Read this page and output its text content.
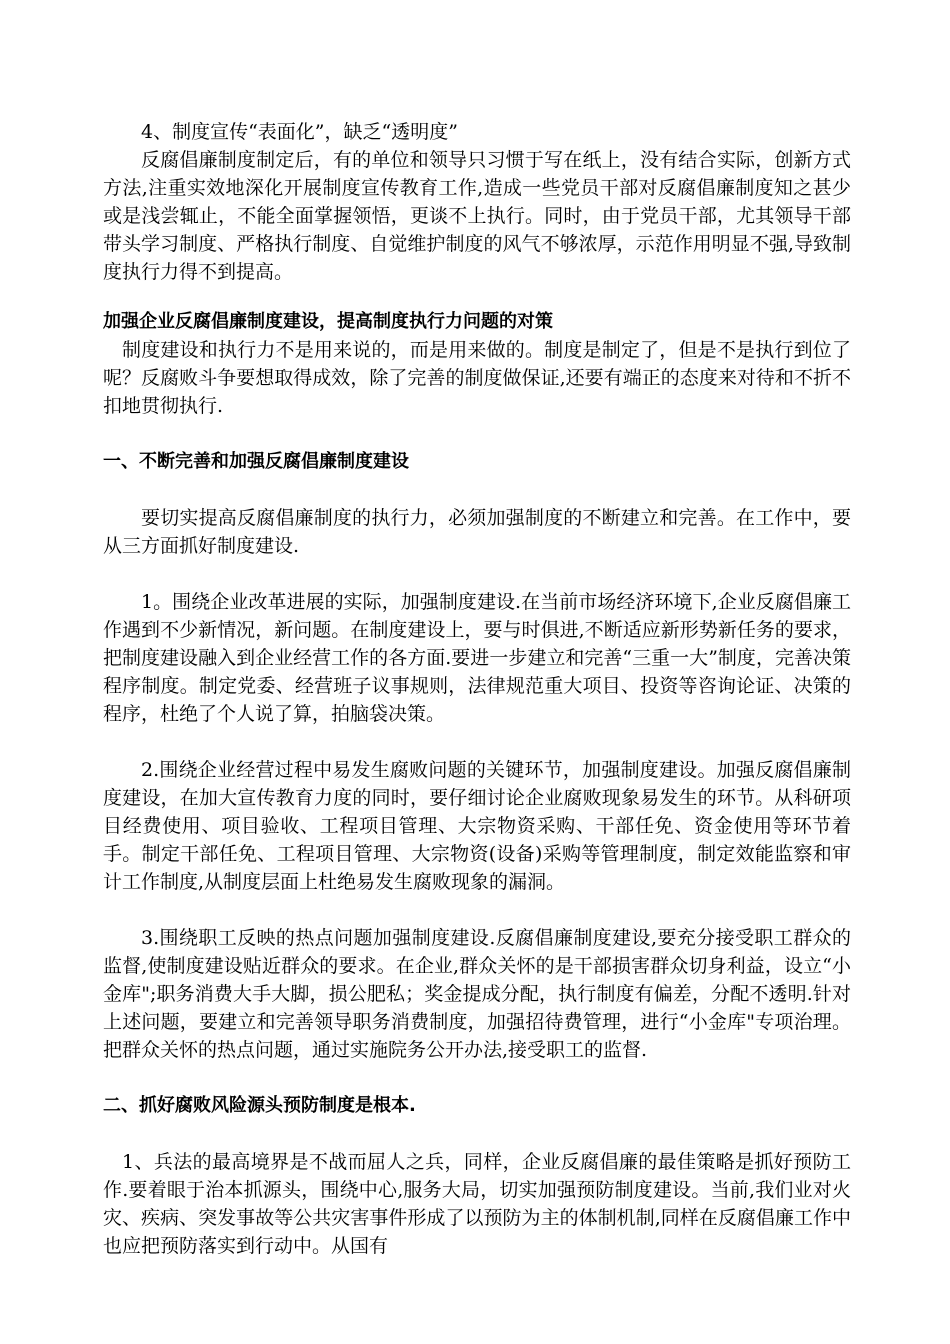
4、制度宣传“表面化”，缺乏“透明度”

反腐倡廉制度制定后，有的单位和领导只习惯于写在纸上，没有结合实际，创新方式方法,注重实效地深化开展制度宣传教育工作,造成一些党员干部对反腐倡廉制度知之甚少或是浅尝辄止，不能全面掌握领悟，更谈不上执行。同时，由于党员干部，尤其领导干部带头学习制度、严格执行制度、自觉维护制度的风气不够浓厚，示范作用明显不强,导致制度执行力得不到提高。

加强企业反腐倡廉制度建设，提高制度执行力问题的对策

制度建设和执行力不是用来说的，而是用来做的。制度是制定了，但是不是执行到位了呢？反腐败斗争要想取得成效，除了完善的制度做保证,还要有端正的态度来对待和不折不扣地贯彻执行.

一、不断完善和加强反腐倡廉制度建设

要切实提高反腐倡廉制度的执行力，必须加强制度的不断建立和完善。在工作中，要从三方面抓好制度建设.

1。围绕企业改革进展的实际，加强制度建设.在当前市场经济环境下,企业反腐倡廉工作遇到不少新情况，新问题。在制度建设上，要与时俱进,不断适应新形势新任务的要求，把制度建设融入到企业经营工作的各方面.要进一步建立和完善“三重一大”制度，完善决策程序制度。制定党委、经营班子议事规则，法律规范重大项目、投资等咨询论证、决策的程序，杜绝了个人说了算，拍脑袋决策。

2.围绕企业经营过程中易发生腐败问题的关键环节，加强制度建设。加强反腐倡廉制度建设，在加大宣传教育力度的同时，要仔细讨论企业腐败现象易发生的环节。从科研项目经费使用、项目验收、工程项目管理、大宗物资采购、干部任免、资金使用等环节着手。制定干部任免、工程项目管理、大宗物资(设备)采购等管理制度，制定效能监察和审计工作制度,从制度层面上杜绝易发生腐败现象的漏洞。

3.围绕职工反映的热点问题加强制度建设.反腐倡廉制度建设,要充分接受职工群众的监督,使制度建设贴近群众的要求。在企业,群众关怀的是干部损害群众切身利益，设立“小金库";职务消费大手大脚，损公肥私；奖金提成分配，执行制度有偏差，分配不透明.针对上述问题，要建立和完善领导职务消费制度，加强招待费管理，进行“小金库"专项治理。把群众关怀的热点问题，通过实施院务公开办法,接受职工的监督.

二、抓好腐败风险源头预防制度是根本.

1、兵法的最高境界是不战而屈人之兵，同样，企业反腐倡廉的最佳策略是抓好预防工作.要着眼于治本抓源头，围绕中心,服务大局，切实加强预防制度建设。当前,我们业对火灾、疾病、突发事故等公共灾害事件形成了以预防为主的体制机制,同样在反腐倡廉工作中也应把预防落实到行动中。从国有
